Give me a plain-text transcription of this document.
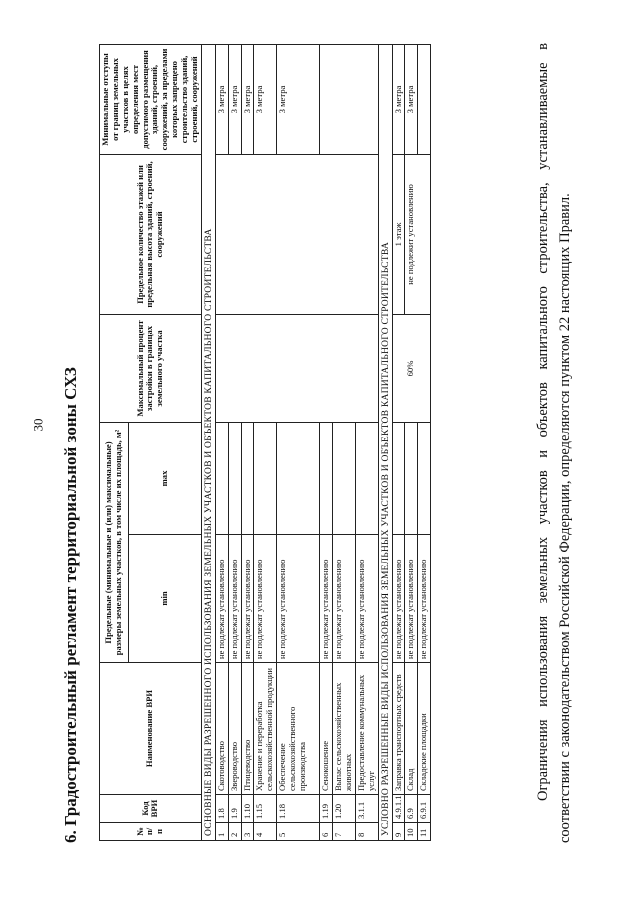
30 6. Градостроительный регламент территориальной зоны СХЗ	№ п/п	Код ВРИ	Наименование ВРИ	Предельные (минимальные и (или) максимальные) размеры земельных участков, в том числе их площадь, м²		Максимальный процент застройки в границах земельного участка	Предельное количество этажей или предельная высота зданий, строений, сооружений	Минимальные отступы от границ земельных участков в целях определения мест допустимого размещения зданий, строений, сооружений, за пределами которых запрещено строительство зданий, строений, сооружений
			min	max			
ОСНОВНЫЕ ВИДЫ РАЗРЕШЕННОГО ИСПОЛЬЗОВАНИЯ ЗЕМЕЛЬНЫХ УЧАСТКОВ И ОБЪЕКТОВ КАПИТАЛЬНОГО СТРОИТЕЛЬСТВА							
1	1.8	Скотоводство	не подлежат установлению				3 метра
2	1.9	Звероводство	не подлежат установлению				3 метра
3	1.10	Птицеводство	не подлежат установлению				3 метра
4	1.15	Хранение и переработка сельскохозяйственной продукции	не подлежат установлению				3 метра
5	1.18	Обеспечение сельскохозяйственного производства	не подлежат установлению				3 метра
6	1.19	Сенокошение	не подлежат установлению				
7	1.20	Выпас сельскохозяйственных животных	не подлежат установлению				
8	3.1.1	Предоставление коммунальных услуг	не подлежат установлению				
УСЛОВНО РАЗРЕШЕННЫЕ ВИДЫ ИСПОЛЬЗОВАНИЯ ЗЕМЕЛЬНЫХ УЧАСТКОВ И ОБЪЕКТОВ КАПИТАЛЬНОГО СТРОИТЕЛЬСТВА							
9	4.9.1.1	Заправка транспортных средств	не подлежат установлению		60%	1 этаж	3 метра
10	6.9	Склад	не подлежат установлению			не подлежит установлению	3 метра
11	6.9.1	Складские площадки	не подлежат установлению					Ограничения использования земельных участков и объектов капитального строительства, устанавливаемые в соответствии с законодательством Российской Федерации, определяются пунктом 22 настоящих Правил.
